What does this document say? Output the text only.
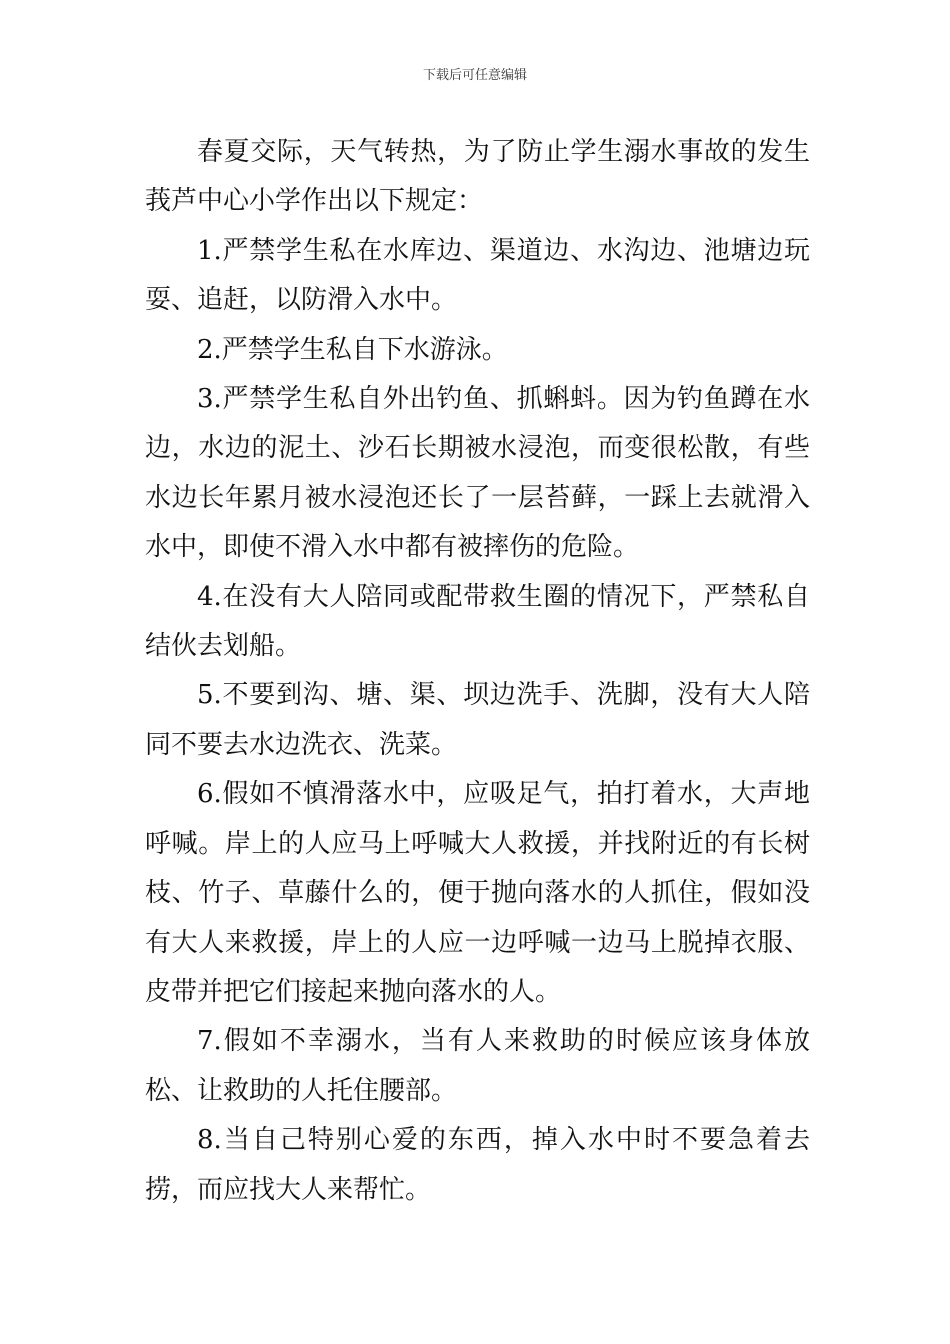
下载后可任意编辑

春夏交际，天气转热，为了防止学生溺水事故的发生莪芦中心小学作出以下规定：

1.严禁学生私在水库边、渠道边、水沟边、池塘边玩耍、追赶，以防滑入水中。

2.严禁学生私自下水游泳。

3.严禁学生私自外出钓鱼、抓蝌蚪。因为钓鱼蹲在水边，水边的泥土、沙石长期被水浸泡，而变很松散，有些水边长年累月被水浸泡还长了一层苔藓，一踩上去就滑入水中，即使不滑入水中都有被摔伤的危险。

4.在没有大人陪同或配带救生圈的情况下，严禁私自结伙去划船。

5.不要到沟、塘、渠、坝边洗手、洗脚，没有大人陪同不要去水边洗衣、洗菜。

6.假如不慎滑落水中，应吸足气，拍打着水，大声地呼喊。岸上的人应马上呼喊大人救援，并找附近的有长树枝、竹子、草藤什么的，便于抛向落水的人抓住，假如没有大人来救援，岸上的人应一边呼喊一边马上脱掉衣服、皮带并把它们接起来抛向落水的人。

7.假如不幸溺水，当有人来救助的时候应该身体放松、让救助的人托住腰部。

8.当自己特别心爱的东西，掉入水中时不要急着去捞，而应找大人来帮忙。
